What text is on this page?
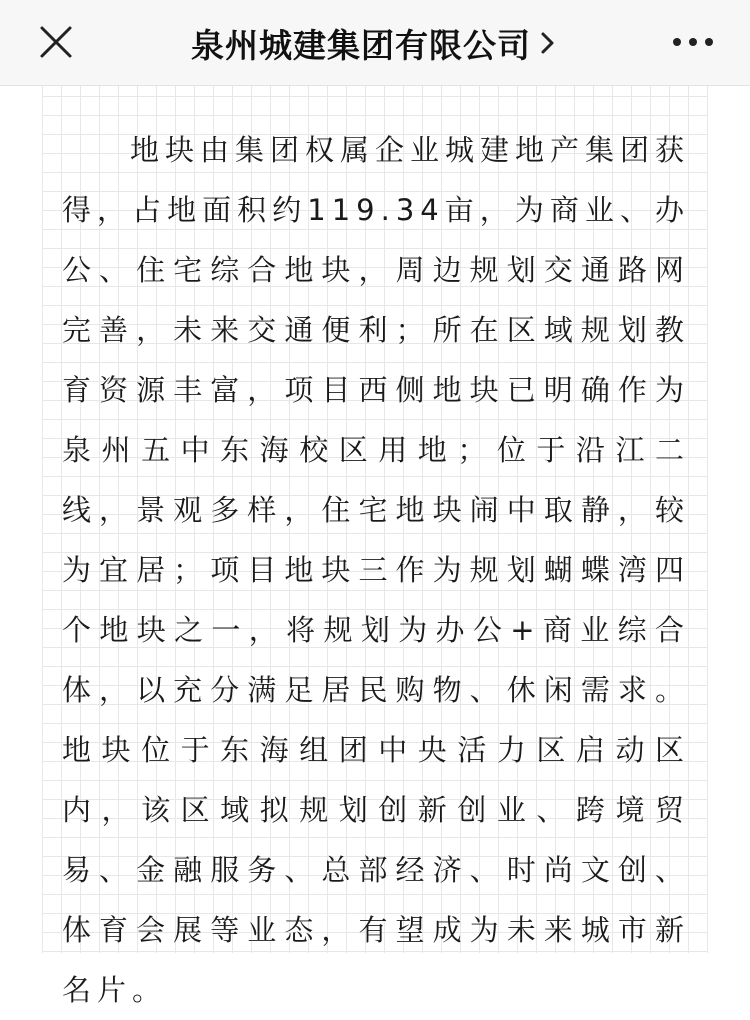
泉州城建集团有限公司

地块由集团权属企业城建地产集团获得，占地面积约119.34亩，为商业、办公、住宅综合地块，周边规划交通路网完善，未来交通便利；所在区域规划教育资源丰富，项目西侧地块已明确作为泉州五中东海校区用地；位于沿江二线，景观多样，住宅地块闹中取静，较为宜居；项目地块三作为规划蝴蝶湾四个地块之一，将规划为办公+商业综合体，以充分满足居民购物、休闲需求。地块位于东海组团中央活力区启动区内，该区域拟规划创新创业、跨境贸易、金融服务、总部经济、时尚文创、体育会展等业态，有望成为未来城市新名片。
